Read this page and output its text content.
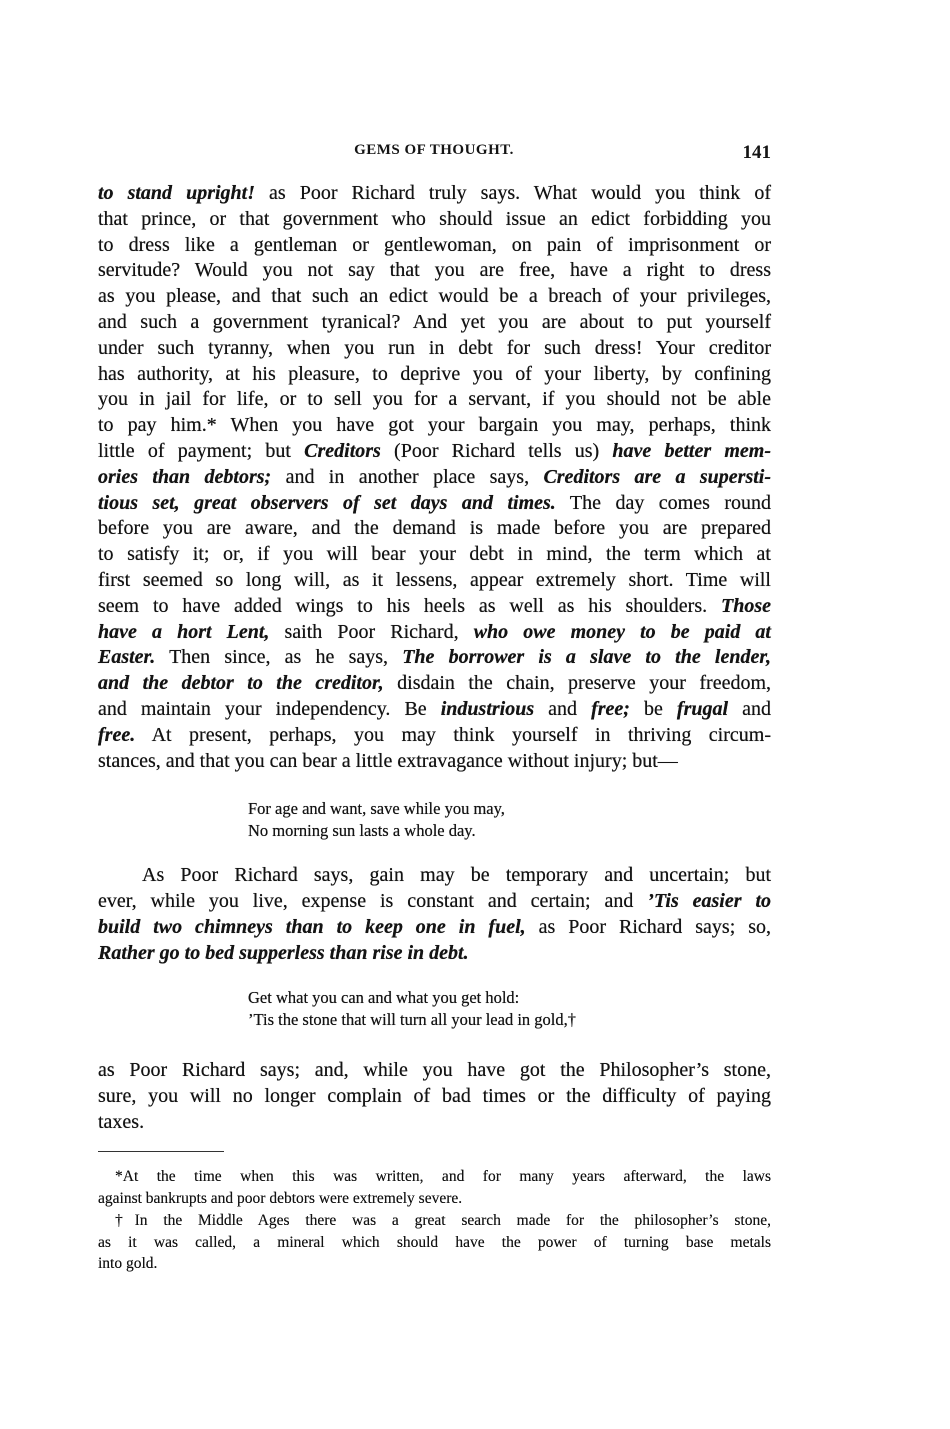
GEMS OF THOUGHT.	141
to stand upright! as Poor Richard truly says. What would you think of
that prince, or that government who should issue an edict forbidding you
to dress like a gentleman or gentlewoman, on pain of imprisonment or
servitude? Would you not say that you are free, have a right to dress
as you please, and that such an edict would be a breach of your privileges,
and such a government tyranical? And yet you are about to put yourself
under such tyranny, when you run in debt for such dress! Your creditor
has authority, at his pleasure, to deprive you of your liberty, by confining
you in jail for life, or to sell you for a servant, if you should not be able
to pay him.* When you have got your bargain you may, perhaps, think
little of payment; but Creditors (Poor Richard tells us) have better mem-
ories than debtors; and in another place says, Creditors are a supersti-
tious set, great observers of set days and times. The day comes round
before you are aware, and the demand is made before you are prepared
to satisfy it; or, if you will bear your debt in mind, the term which at
first seemed so long will, as it lessens, appear extremely short. Time will
seem to have added wings to his heels as well as his shoulders. Those
have a hort Lent, saith Poor Richard, who owe money to be paid at
Easter. Then since, as he says, The borrower is a slave to the lender,
and the debtor to the creditor, disdain the chain, preserve your freedom,
and maintain your independency. Be industrious and free; be frugal and
free. At present, perhaps, you may think yourself in thriving circum-
stances, and that you can bear a little extravagance without injury; but—
For age and want, save while you may,
No morning sun lasts a whole day.
As Poor Richard says, gain may be temporary and uncertain; but
ever, while you live, expense is constant and certain; and ’Tis easier to
build two chimneys than to keep one in fuel, as Poor Richard says; so,
Rather go to bed supperless than rise in debt.
Get what you can and what you get hold:
’Tis the stone that will turn all your lead in gold,†
as Poor Richard says; and, while you have got the Philosopher’s stone,
sure, you will no longer complain of bad times or the difficulty of paying
taxes.
*At the time when this was written, and for many years afterward, the laws
against bankrupts and poor debtors were extremely severe.
†In the Middle Ages there was a great search made for the philosopher’s stone,
as it was called, a mineral which should have the power of turning base metals
into gold.
